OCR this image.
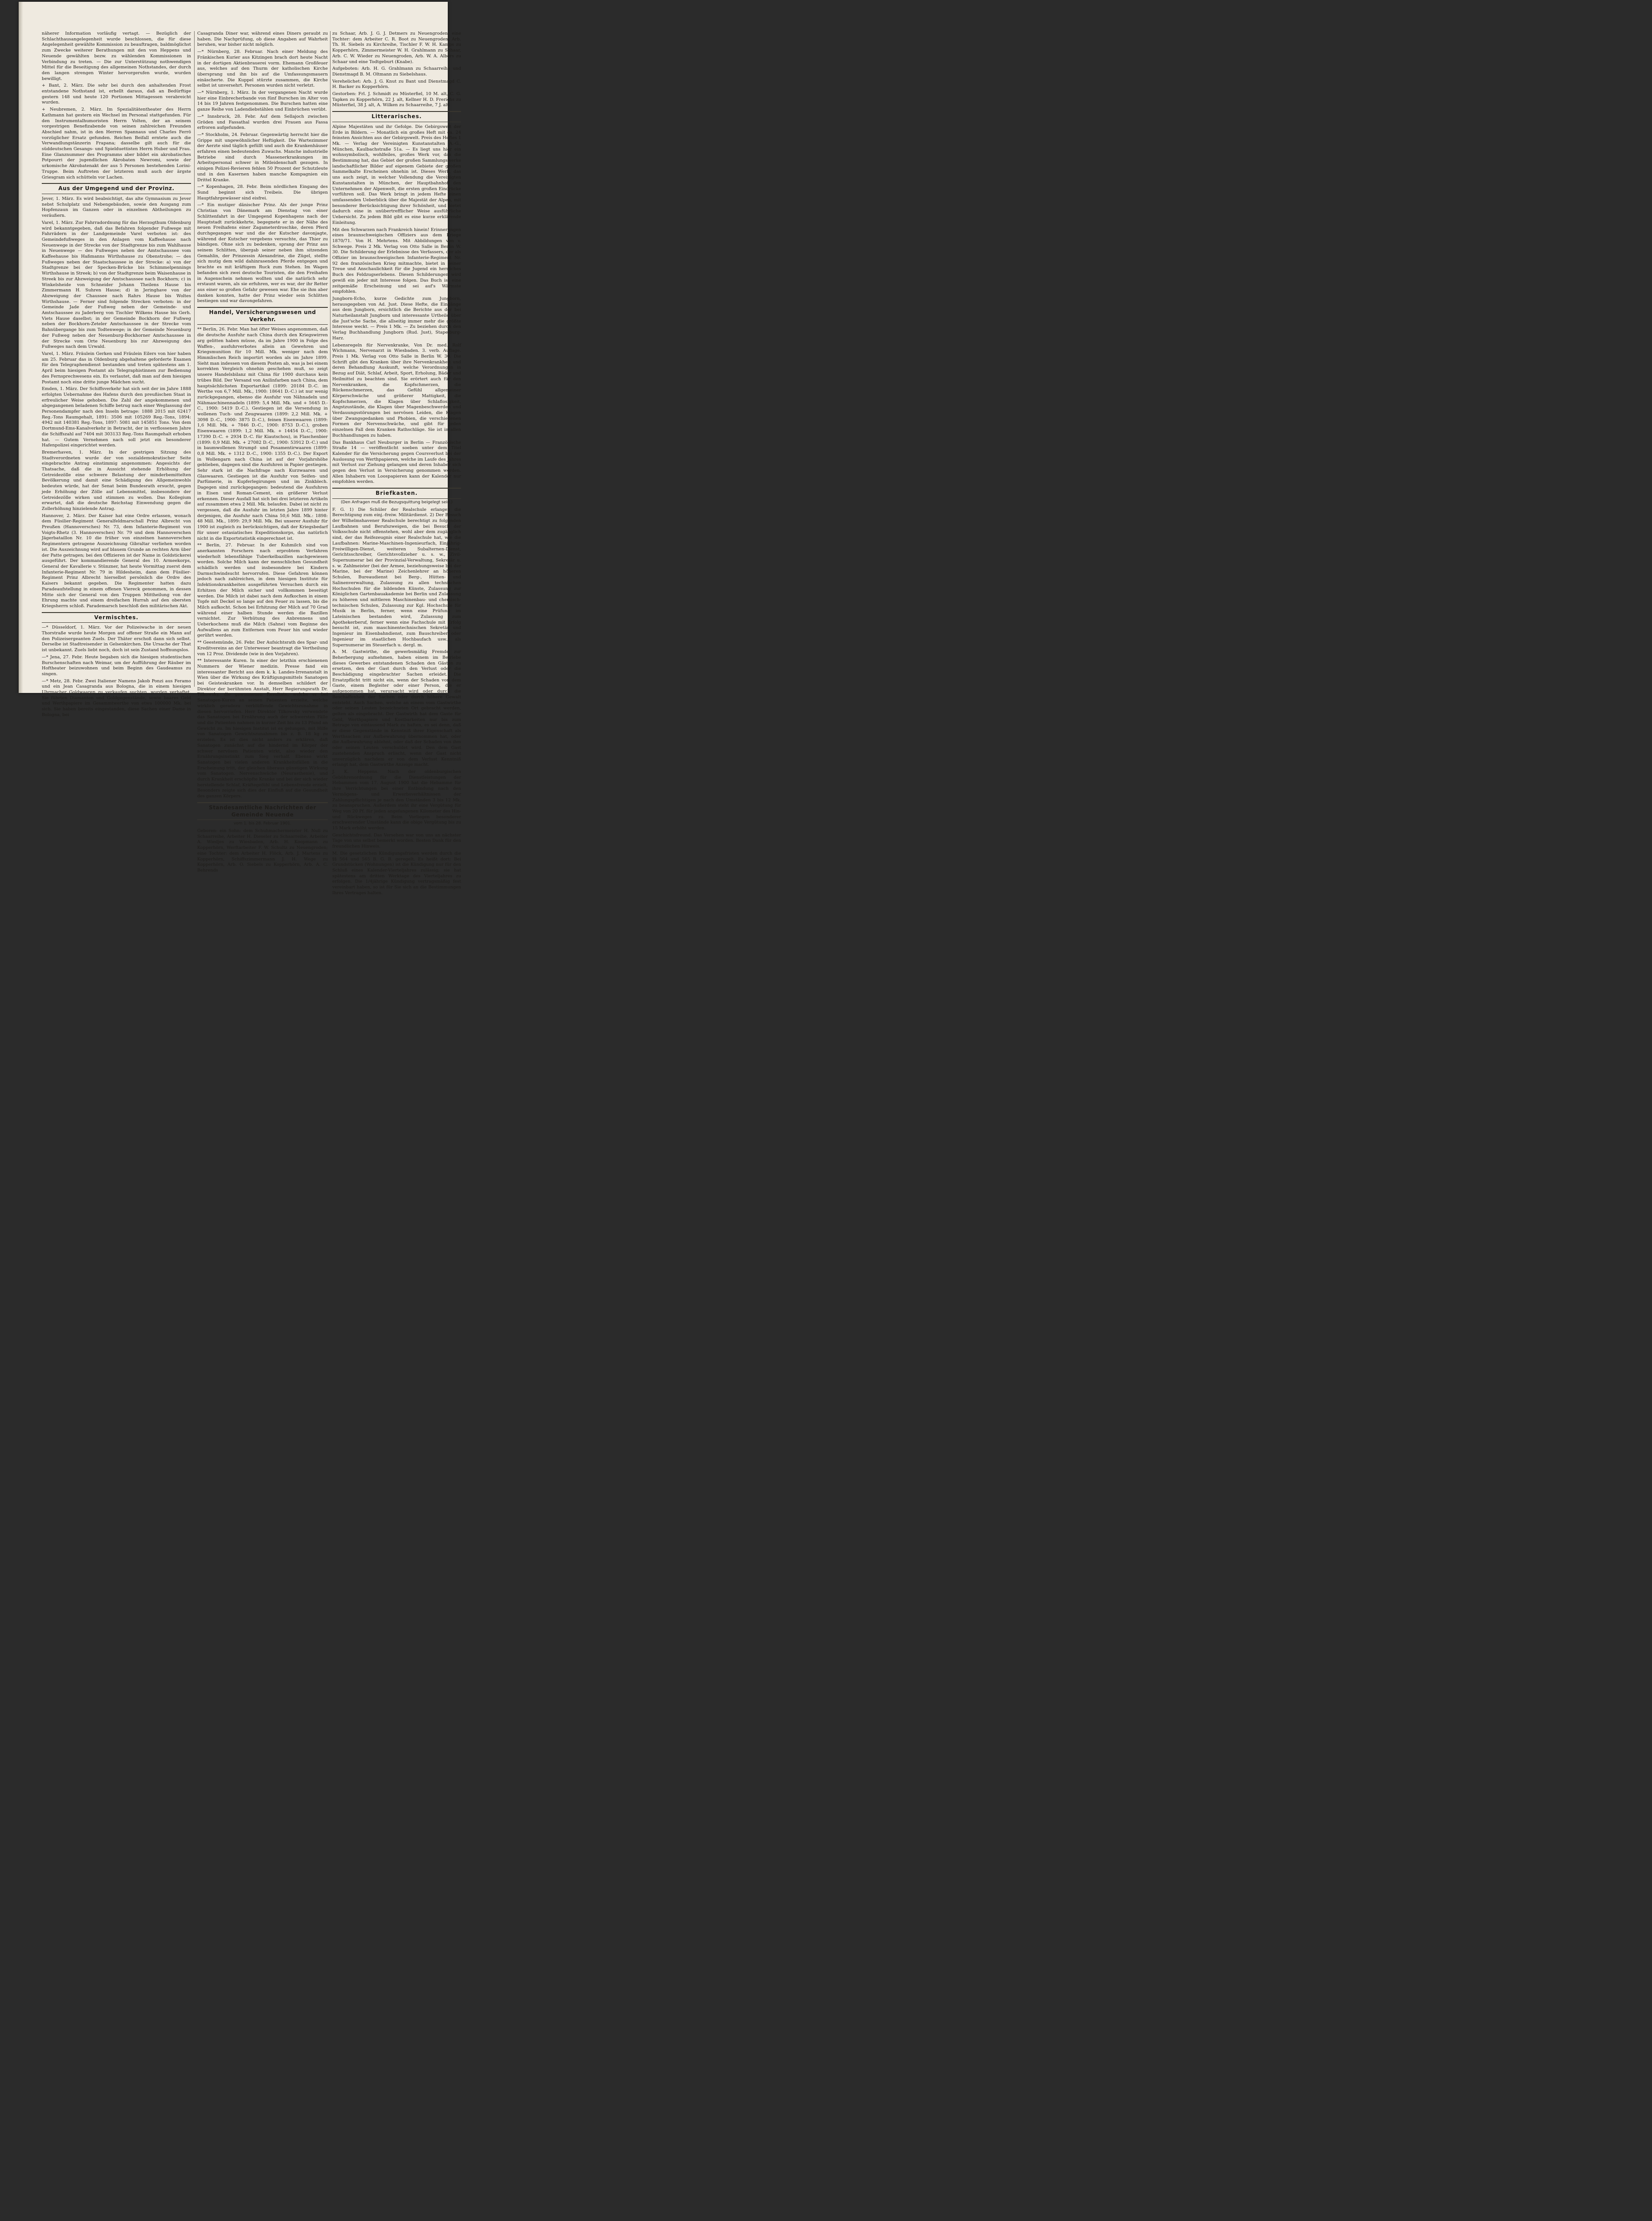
näherer Information vorläufig vertagt. — Bezüglich der Schlachthausangelegenheit wurde beschlossen, die für diese Angelegenheit gewählte Kommission zu beauftragen, baldmöglichst zum Zwecke weiterer Berathungen mit den von Heppens und Neuende gewählten bezw. zu wählenden Kommissionen in Verbindung zu treten. — Die zur Unterstützung nothwendigen Mittel für die Beseitigung des allgemeinen Nothstandes, der durch den langen strengen Winter hervorgerufen wurde, wurden bewilligt.

+ Bant, 2. März. Die sehr bei durch den anhaltenden Frost entstandene Nothstand ist, erhellt daraus, daß an Bedürftige gestern 148 und heute 120 Portionen Mittagessen verabreicht wurden.

+ Neubremen, 2. März. Im Spezialitätentheater des Herrn Kathmann hat gestern ein Wechsel im Personal stattgefunden. Für den Instrumentalhumoristen Herrn Volten, der an seinem vorgestrigen Benefizabende von seinen zahlreichen Freunden Abschied nahm, ist in den Herren Spannaus und Charles Ferrö vorzüglicher Ersatz gefunden. Reichen Beifall erntete auch die Verwandlungstänzerin Frapana; dasselbe gilt auch für die süddeutschen Gesangs- und Spielduettisten Herrn Huber und Frau. Eine Glanznummer des Programms aber bildet ein akrobatisches Potpourri der jugendlichen Akrobaten Newromi, sowie der urkomische Akrobatenakt der aus 5 Personen bestehenden Lorini-Truppe. Beim Auftreten der letzteren muß auch der ärgste Griesgram sich schütteln vor Lachen.

Aus der Umgegend und der Provinz.

Jever, 1. März. Es wird beabsichtigt, das alte Gymnasium zu Jever nebst Schulplatz und Nebengebäuden, sowie den Ausgang zum Hopfenzaun im Ganzen oder in einzelnen Abtheilungen zu veräußern.

Varel, 1. März. Zur Fahrradordnung für das Herzogthum Oldenburg wird bekanntgegeben, daß das Befahren folgender Fußwege mit Fahrrädern in der Landgemeinde Varel verboten ist: des Gemeindefußweges in den Anlagen vom Kaffeehause nach Neuenwege in der Strecke von der Stadtgrenze bis zum Wahlhause in Neuenwege — des Fußweges neben der Amtschaussee vom Kaffeehause bis Haßmanns Wirthshause zu Obenstrohe; — des Fußweges neben der Staatschaussee in der Strecke: a) von der Stadtgrenze bei der Specken-Brücke bis Schimmelpennings Wirthshause in Streek; b) von der Stadtgrenze beim Waisenhause in Streek bis zur Abzweigung der Amtschaussee nach Bockhorn; c) in Winkelsheide von Schneider Johann Theilens Hause bis Zimmermann H. Suhren Hause; d) in Jeringhave von der Abzweigung der Chaussee nach Rahrs Hause bis Woltes Wirthshause. — Ferner sind folgende Strecken verboten: in der Gemeinde Jade der Fußweg neben der Gemeinde- und Amtschaussee zu Jaderberg von Tischler Wilkens Hause bis Gerh. Viets Hause daselbst; in der Gemeinde Bockhorn der Fußweg neben der Bockhorn-Zeteler Amtschaussee in der Strecke vom Bahnübergange bis zum Todtenwege; in der Gemeinde Neuenburg der Fußweg neben der Neuenburg-Bockhorner Amtschaussee in der Strecke vom Orte Neuenburg bis zur Abzweigung des Fußweges nach dem Urwald.

Varel, 1. März. Fräulein Gerken und Fräulein Eilers von hier haben am 25. Februar das in Oldenburg abgehaltene geforderte Examen für den Telegraphendienst bestanden und treten spätestens am 1. April beim hiesigen Postamt als Telegraphistinnen zur Bedienung des Fernsprechwesens ein. Es verlautet, daß man auf dem hiesigen Postamt noch eine dritte junge Mädchen sucht.

Emden, 1. März. Der Schiffsverkehr hat sich seit der im Jahre 1888 erfolgten Uebernahme des Hafens durch den preußischen Staat in erfreulicher Weise gehoben. Die Zahl der angekommenen und abgegangenen beladenen Schiffe betrug nach einer Weglassung der Personendampfer nach den Inseln betrage: 1888 2015 mit 62417 Reg.-Tons Raumgehalt, 1891: 3506 mit 105269 Reg.-Tons, 1894: 4942 mit 140381 Reg.-Tons, 1897: 5081 mit 145851 Tons. Von dem Dortmund-Ems-Kanalverkehr in Betracht, der in verflossenen Jahre die Schiffszahl auf 7404 mit 303133 Reg.-Tons Raumgehalt erhoben hat. — Gutem Vernehmen nach soll jetzt ein besonderer Hafenpolizei eingerichtet werden.

Bremerhaven, 1. März. In der gestrigen Sitzung des Stadtverordneten wurde der von sozialdemokratischer Seite eingebrachte Antrag einstimmig angenommen: Angesichts der Thatsache, daß die in Aussicht stehende Erhöhung der Getreidezölle eine schwere Belastung der minderbemittelten Bevölkerung und damit eine Schädigung des Allgemeinwohls bedeuten würde, hat der Senat beim Bundesrath ersucht, gegen jede Erhöhung der Zölle auf Lebensmittel, insbesondere der Getreidezölle wirken und stimmen zu wollen. Das Kollegium erwartet, daß die deutsche Reichstag Einwendung gegen die Zollerhöhung hinzielende Antrag.

Hannover, 2. März. Der Kaiser hat eine Ordre erlassen, wonach dem Füsilier-Regiment Generalfeldmarschall Prinz Albrecht von Preußen (Hannoversches) Nr. 73, dem Infanterie-Regiment von Voigts-Rhetz (3. Hannoversches) Nr. 79 und dem Hannoverschen Jägerbataillon Nr. 10 die früher von einzelnen hannoverschen Regimentern getragene Auszeichnung Gibraltar verliehen worden ist. Die Auszeichnung wird auf blauem Grunde an rechten Arm über der Patte getragen; bei den Offizieren ist der Name in Goldstickerei ausgeführt. Der kommandierende General des 10. Armeekorps, General der Kavallerie v. Stünzner, hat heute Vormittag zuerst dem Infanterie-Regiment Nr. 79 in Hildesheim, dann dem Füsilier-Regiment Prinz Albrecht hierselbst persönlich die Ordre des Kaisers bekannt gegeben. Die Regimenter hatten dazu Paradeaufstellung in einem offenen Viereck genommen, in dessen Mitte sich der General von den Truppen Mittheilung von der Ehrung machte und einem dreifachen Hurrah auf den obersten Kriegsherrn schloß. Parademarsch beschloß den militärischen Akt.

Vermischtes.

—* Düsseldorf, 1. März. Vor der Polizeiwache in der neuen Thorstraße wurde heute Morgen auf offener Straße ein Mann auf den Polizeisergeanten Zuels. Der Thäter erschoß dann sich selbst. Derselbe ist Stadtreisender in Gelsenkirchen. Die Ursache der That ist unbekannt. Zuels liebt noch, doch ist sein Zustand hoffnungslos.

—* Jena, 27. Febr. Heute begaben sich die hiesigen studentischen Burschenschaften nach Weimar, um der Aufführung der Räuber im Hoftheater beizuwohnen und beim Beginn des Gaudeamus zu singen.

—* Metz, 28. Febr. Zwei Italiener Namens Jakob Ponzi aus Feramo und ein Jean Casagranda aus Bologna, die in einem hiesigen Uhrmacher Goldwaaren zu verkaufen suchten, wurden verhaftet. Sie führten Diamanten und Goldgegenstände, sowie baares Geld und Werthpapiere im Gesammtwerthe von etwa 100000 Mk. bei sich. Sie haben bereits eingestanden, diese Sachen einer Dame in Bologna, bei

Casagranda Diner war, während eines Diners geraubt zu haben. Die Nachprüfung, ob diese Angaben auf Wahrheit beruhen, war bisher nicht möglich.

—* Nürnberg, 28. Februar. Nach einer Meldung des Fränkischen Kurier aus Kitzingen brach dort heute Nacht in der dortigen Aktienbrauerei vorm. Ehemann Großfeuer aus, welches auf den Thurm der katholischen Kirche übersprang und ihn bis auf die Umfassungsmauern einäscherte. Die Kuppel stürzte zusammen, die Kirche selbst ist unversehrt. Personen wurden nicht verletzt.

—* Nürnberg, 1. März. In der vergangenen Nacht wurde hier eine Einbrecherbande von fünf Burschen im Alter von 14 bis 19 Jahren festgenommen. Die Burschen hatten eine ganze Reihe von Ladendiebstählen und Einbrüchen verübt.

—* Innsbruck, 28. Febr. Auf dem Sellajoch zwischen Gröden und Fassathal wurden drei Frauen aus Fassa erfroren aufgefunden.

—* Stockholm, 24. Februar. Gegenwärtig herrscht hier die Grippe mit ungewöhnlicher Heftigkeit. Die Wartezimmer der Aerzte sind täglich gefüllt und auch die Krankenhäuser erfahren einen bedeutenden Zuwachs. Manche industrielle Betriebe sind durch Massenerkrankungen im Arbeitspersonal schwer in Mitleidenschaft gezogen. In einigen Polizei-Revieren fehlen 50 Prozent der Schutzleute und in den Kasernen haben manche Kompagnien ein Drittel Kranke.

—* Kopenhagen, 28. Febr. Beim nördlichen Eingang des Sund beginnt sich Treibeis. Die übrigen Hauptfahrgewässer sind eisfrei.

—* Ein mutiger dänischer Prinz. Als der junge Prinz Christian von Dänemark am Dienstag von einer Schlittenfahrt in der Umgegend Kopenhagens nach der Hauptstadt zurückkehrte, begegnete er in der Nähe des neuen Freihafens einer Zagameterdroschke, deren Pferd durchgegangen war und die der Kutscher davonjagte, während der Kutscher vergebens versuchte, das Thier zu bändigen. Ohne sich zu bedenken, sprang der Prinz aus seinem Schlitten, übergab seiner neben ihm sitzenden Gemahlin, der Prinzessin Alexandrine, die Zügel, stellte sich mutig dem wild dahinrasenden Pferde entgegen und brachte es mit kräftigem Ruck zum Stehen. Im Wagen befanden sich zwei deutsche Touristen, die den Freihafen in Augenschein nehmen wollten und die natürlich sehr erstaunt waren, als sie erfuhren, wer es war, der ihr Retter aus einer so großen Gefahr gewesen war. Ehe sie ihm aber danken konnten, hatte der Prinz wieder sein Schlitten bestiegen und war davongefahren.

Handel, Versicherungswesen und Verkehr.

** Berlin, 26. Febr. Man hat öfter Weises angenommen, daß die deutsche Ausfuhr nach China durch den Kriegswirren arg gelitten haben müsse, da im Jahre 1900 in Folge des Waffen-, ausfuhrverbotes allein an Gewehren und Kriegsmunition für 10 Mill. Mk. weniger nach dem Himmlischen Reich importirt worden als im Jahre 1899. Sieht man indessen von diesem Posten ab, was ja bei einem korrekten Vergleich ohnehin geschehen muß, so zeigt unsere Handelsbilanz mit China für 1900 durchaus kein trübes Bild. Der Versand von Anilinfarben nach China, dem hauptsächlichsten Exportartikel (1899: 20184 D.-C. im Werthe von 6,7 Mill. Mk., 1900: 18641 D.-C.) ist nur wenig zurückgegangen, ebenso die Ausfuhr von Nähnadeln und Nähmaschinennadeln (1899: 5,4 Mill. Mk. und + 5645 D.-C., 1900: 5419 D.-C.). Gestiegen ist die Versendung in wollenen Tuch- und Zeugwaaren (1899: 2,2 Mill. Mk. + 3098 D.-C., 1900: 3875 D.-C.), feinen Eisenwaaren (1899: 1,6 Mill. Mk. + 7846 D.-C., 1900: 8753 D.-C.), groben Eisenwaaren (1899: 1,2 Mill. Mk. + 14454 D.-C., 1900: 17390 D.-C. + 2934 D.-C. für Kiautschou), in Flaschenbier (1899: 0,9 Mill. Mk. + 27082 D.-C., 1900: 53912 D.-C.) und in baumwollenen Strumpf- und Posamentirwaaren (1899: 0,8 Mill. Mk. + 1312 D.-C., 1900: 1355 D.-C.). Der Export in Wollengarn nach China ist auf der Vorjahrshöhe geblieben, dagegen sind die Ausfuhren in Papier gestiegen. Sehr stark ist die Nachfrage nach Kurzwaaren und Glaswaaren. Gestiegen ist die Ausfuhr von Seifen- und Parfümerie, in Kupferlegirungen und im Zinkblech. Dagegen sind zurückgegangen: bedeutend die Ausfuhren in Eisen und Roman-Cement, ein größerer Verlust erkennen. Dieser Ausfall hat sich bei drei letzteren Artikeln auf zusammen etwa 2 Mill. Mk. belaufen. Dabei ist nicht zu vergessen, daß die Ausfuhr im letzten Jahre 1899 hinter derjenigen, die Ausfuhr nach China 50,6 Mill. Mk.: 1898: 48 Mill. Mk., 1899: 29,9 Mill. Mk. Bei unserer Ausfuhr für 1900 ist zugleich zu berücksichtigen, daß der Kriegsbedarf für unser ostasiatisches Expeditionskorps, das natürlich nicht in die Exportstatistik eingerechnet ist.

** Berlin, 27. Februar. In der Kuhmilch sind von anerkannten Forschern nach erprobtem Verfahren wiederholt lebensfähige Tuberkelbazillen nachgewiesen worden. Solche Milch kann der menschlichen Gesundheit schädlich werden und insbesondere bei Kindern Darmschwindsucht hervorrufen. Diese Gefahren können jedoch nach zahlreichen, in dem hiesigen Institute für Infektionskrankheiten ausgeführten Versuchen durch ein Erhitzen der Milch sicher und vollkommen beseitigt werden. Die Milch ist dabei nach dem Aufkochen in einem Topfe mit Deckel so lange auf den Feuer zu lassen, bis die Milch aufkocht. Schon bei Erhitzung der Milch auf 70 Grad während einer halben Stunde werden die Bazillen vernichtet. Zur Verhütung des Anbrennens und Ueberkochens muß die Milch (Sahne) vom Beginne des Aufwallens an zum Entfernen vom Feuer hin und wieder gerührt werden.

** Geestemünde, 26. Febr. Der Aufsichtsrath des Spar- und Kreditvereins an der Unterweser beantragt die Vertheilung von 12 Proz. Dividende (wie in den Vorjahren).

** Interessante Kuren. In einer der letzthin erschienenen Nummern der Wiener medizin. Presse fand ein interessanter Bericht aus dem k. k. Landes-Irrenanstalt in Wien über die Wirkung des Kräftigungsmittels Sanatogen bei Geisteskranken vor. In demselben schildert der Direktor der berühmten Anstalt, Herr Regierungsrath Dr. Tilkowsky, die gewonnenen Resultate, welche er bei Sanatogen-Kuren an seinen Patienten erzielte, welche wirklich geradezu verblüffende Gewichtszunahme in diesen hervorriefen. Herr Direktor Tilkowsky verwendete das Sanatogen bei Ernährung auch der schwersten Fälle und die Patienten nahmen in kurzer Zeit bis zu 13 Pfund an Gewicht zu. Im hiesigen Institut ist es gelungen, mit Hilfe von Sanatogen Gewichtszunahmen bis z. B. 18 kg zu erzielen. Es ist dies nicht anders zu erklären, daß Sanatogen zunächst auf die hindernd im Körper der schwer nervösen Patienten wirkt, also wieder den Ernährungsinstinkt zum Sieg verhalf. Ebenso wirkt Sanatogen bei vielen anderen Krankheitsfällen in die Erscheinung tritt, der gleichen überaus günstigen Wirkung vom Sanatogen. Nervenschwäche (Neurasthenie), und durch Krankheit erschöpfte Kranke und bei der sich wieder herstellende Schlaf, Kräftegefühl und Lebensfreude erzielt, Besonders zeigte sich dies der Einfluß auf die Gesundheit des ganzen Körpers.

Standesamtliche Nachrichten der Gemeinde Neuende
vom 1. bis 28. Februar 1901.

Geboren: ein Sohn: dem Schuhmachermeister H. Null zu Schaarreihe, Arbeiter H. Dieseler zu Schaarreihe, Arbeiter A. Wiedjes zu Wiesbaden, Arb. H. Koopmann zu Kopperhörn, Werftarbeiter F. W. Schultz zu Neuengroden; eine Tochter: dem Arbeiter H. Flöck, Arb. J. Martens zu Kopperhörn, Schiffszimmermann J. H. Wege zu Kopperhörn, Arb. O. Siebels zu Kopperhörn, Arb. A. C. Behrends

zu Schaar, Arb. J. G. J. Detmers zu Neuengroden; eine Tochter: dem Arbeiter C. R. Boot zu Neuengroden, Arb. Th. H. Siebels zu Kirchreihe, Tischler F. W. H. Kamps zu Kopperhörn, Zimmermeister W. H. Grahlmann zu Schaar, Arb. C. W. Wieder zu Neuengroden, Arb. W. A. Albers zu Schaar und eine Todtgeburt (Knabe).

Aufgeboten: Arb. H. G. Grahlmann zu Schaarreihe und Dienstmagd B. M. Oltmann zu Siebelshaus.

Verehelichet: Arb. J. G. Knut zu Bant und Dienstmagd C. H. Backer zu Kopperhörn.

Gestorben: Frl. J. Schmidt zu Müsterfiel, 10 M. alt, C. G. Tapken zu Kopperhörn, 22 J. alt, Kellner H. D. Frerichs zu Müsterfiel, 38 J. alt, A. Wilken zu Schaarreihe, 7 J. alt.

Litterarisches.

Alpine Majestäten und ihr Gefolge. Die Gebirgswelt der Erde in Bildern. — Monatlich ein großes Heft mit ca. 24 feinsten Ansichten aus der Gebirgswelt. Preis des Heftes 1 Mk. — Verlag der Vereinigten Kunstanstalten A.-G., München, Kaulbachstraße 51a. — Es liegt uns hier ein wohnsymbolisch, wohlfeiles, großes Werk vor, das die Bestimmung hat, das Gebiet der großen Sammlungswerke landschaftlicher Bilder auf eigenem Gebiete der großen Sammelkalte Erscheinen ohnehin ist. Dieses Werk, das uns auch zeigt, in welcher Vollendung die Vereinigten Kunstanstalten in München, der Hauptbahnhof den Unternehmen der Alpenwelt, die ersten großen Eindrücke vorführen soll. Das Werk bringt in jedem Hefte einen umfassenden Ueberblick über die Majestät der Alpen, mit besonderer Berücksichtigung ihrer Schönheit, und bietet dadurch eine in unübertrefflicher Weise ausführliche Uebersicht. Zu jedem Bild gibt es eine kurze erklärende Einleitung.

Mit den Schwarzen nach Frankreich hinein! Erinnerungen eines braunschweigischen Offiziers aus dem Kriege 1870/71. Von H. Mehrtens. Mit Abbildungen von v. Schwege. Preis 2 Mk. Verlag von Otto Salle in Berlin W. 30. Die Schilderung der Erlebnisse des Verfassers, der als Offizier im braunschweigischen Infanterie-Regiment Nr. 92 den französischen Krieg mitmachte, bietet in seiner Treue und Anschaulichkeit für die Jugend ein herrliches Buch des Feldzugserlebens. Diesen Schilderungen wird gewiß ein jeder mit Interesse folgen. Das Buch ist eine zeitgemäße Erscheinung und sei auf's Wärmste empfohlen.

Jungborn-Echo, kurze Gedichte zum Jungborn, herausgegeben von Ad. Just. Diese Hefte, die Eingänge aus dem Jungborn, ersichtlich die Berichte aus der bei Naturheilanstalt Jungborn und interessante Urtheile über die Just'sche Sache, die allseitig immer mehr die größte Interesse weckt. — Preis 1 Mk. — Zu beziehen durch den Verlag Buchhandlung Jungborn (Rud. Just), Stapelburg-Harz.

Lebensregeln für Nervenkranke, Von Dr. med. Rolf Wichmann, Nervenarzt in Wiesbaden. 3. verb. Auflage. Preis 1 Mk. Verlag von Otto Salle in Berlin W. 30. Die Schrift gibt den Kranken über ihre Nervenkrankheit und deren Behandlung Auskunft, welche Verordnungen in Bezug auf Diät, Schlaf, Arbeit, Sport, Erholung, Bäder und Heilmittel zu beachten sind. Sie erörtert auch für den Nervenkranken, die Kopfschmerzen, die Rückenschmerzen, das Gefühl allgemeiner Körperschwäche und größerer Mattigkeit, die Kopfschmerzen, die Klagen über Schlaflosigkeit, Angstzustände, die Klagen über Magenbeschwerden und Verdauungsstörungen bei nervösen Leiden, die Klagen über Zwangsgedanken und Phobien, die verschiedenen Formen der Nervenschwäche, und gibt für jeden einzelnen Fall dem Kranken Rathschläge. Sie ist in allen Buchhandlungen zu haben.

Das Bankhaus Carl Neuburger in Berlin — Französische Straße 14 — veröffentlicht soeben unter dem Titel Kalender für die Versicherung gegen Coursverlust bei der Auslosung von Werthpapieren, welche im Laufe des Jahres mit Verlust zur Ziehung gelangen und deren Inhaber sich gegen den Verlust in Versicherung genommen werden. Allen Inhabern von Loospapieren kann der Kalender nur empfohlen werden.

Briefkasten.
(Den Anfragen muß die Bezugsquittung beigelegt sein.)

F. G. 1) Die Schüler der Realschule erlangen die Berechtigung zum einj.-freiw. Militärdienst. 2) Der Besuch der Wilhelmshavener Realschule berechtigt zu folgenden Laufbahnen und Berufszweigen, die bei Besuch der Volksschule nicht offenstehen, wohl aber dem zugänglich sind, der das Reifezeugnis einer Realschule hat, wie die Laufbahnen: Marine-Maschinen-Ingenieurfach, Einjährig-Freiwilligen-Dienst, weiteren Subalternen-Dienst, Gerichtsschreiber, Gerichtsvollzieher u. s. w., Zivil-Supernumerar bei der Provinzial-Verwaltung, Sekretär u. s. w. Zahlmeister (bei der Armee, beziehungsweise bei der Marine, bei der Marine) Zeichenlehrer an höheren Schulen, Bureaudienst bei Berg-, Hütten- und Salinenverwaltung, Zulassung zu allen technischen Hochschulen für die bildenden Künste, Zulassung zur Königlichen Gartenbauakademie bei Berlin und Zulassung zu höheren und mittleren Maschinenbau- und chemisch-technischen Schulen, Zulassung zur Kgl. Hochschule für Musik in Berlin, ferner, wenn eine Prüfung im Lateinischen bestanden wird, Zulassung zum Apothekerberuf, ferner wenn eine Fachschule mit Erfolg besucht ist, zum maschinentechnischen Sekretär und Ingenieur im Eisenbahndienst, zum Bauschreiber oder Ingenieur im staatlichen Hochbaufach usw., als Supernumerar im Steuerfach u. dergl. m.

A. M. Gastwirthe, die gewerbsmäßig Fremde zur Beherbergung aufnehmen, haben einem im Betriebe dieses Gewerbes entstandenen Schaden den Gästen zu ersetzen, den der Gast durch den Verlust oder die Beschädigung eingebrachter Sachen erleidet. Die Ersatzpflicht tritt nicht ein, wenn der Schaden von dem Gaste, einem Begleiter oder einer Person, die er aufgenommen hat, verursacht wird oder durch die Beschaffenheit der Sachen oder durch höhere Gewalt entsteht. Auch Sachen, welche an einem vom Gastwirthe oder seinen Leuten bezeichneten Ort gebracht werden, gelten als eingebracht. Der Gastwirth hat dem Gaste für Geld, Werthpapiere und Kostbarkeiten nur bis zum Betrage von eintausend Mark zu haften, es sei denn, daß er diese Gegenstände in Kenntniß ihrer Eigenschaft als Werthsachen zur Aufbewahrung übernommen hat, oder die Aufbewahrung ablehnt, oder daß der Schaden von ihm oder seinen Leuten verschuldet wird. Den dem Gast zustehenden Anspruch erlischt, wenn der Gast nicht unverzüglich nachdem er von dem Verlust Kenntniß erlangt hat, dem Gastwirthe Anzeige macht.

J. K. Heppens. Nach der oldenburgischen Gebührenordnung für die Dienstleistungen der Hebammen vom 17. August 1900 hat die Hebamme für ihre Verrichtungen bei einer Entbindung nach den Vermögens- und Erwerbsverhältnissen der Zahlungspflichtigen je nach den Umständen 3 bis 12 Mk. zu beanspruchen. Außerdem steht ihr eine Vergütung für Weg von 20 Pf. für jeden angefangenen Kilometer des Hin- und Rückweges zu. Beim Vorliegen besonderer erschwerender Umstände kann die obige Vergütung bis zu 15 Mark erhöht werden.

Geschichtsfreund. Das Versehen war von uns an nächster Tage von uns selbst bemerkt worden. Besten Dank für den freundlichen Hinweis.

M. Die gesetzlichen Kündigungsfristen werden durch die §§ 564 und 565 B. G. B. geregelt. Es heißt dort: Bei Grundstücken (Wohnungen) ist die Kündigung nur für den Schluß eines Kalender-Vierteljahres zulässig; sie hat spätestens am dritten Werktage des Vierteljahres zu erfolgen. Die 1/4jährige Kündigung vertragsmäßig fest vereinbart haben, so ist für Sie sich an die Bestimmungen Ihres Vertrages halten.
